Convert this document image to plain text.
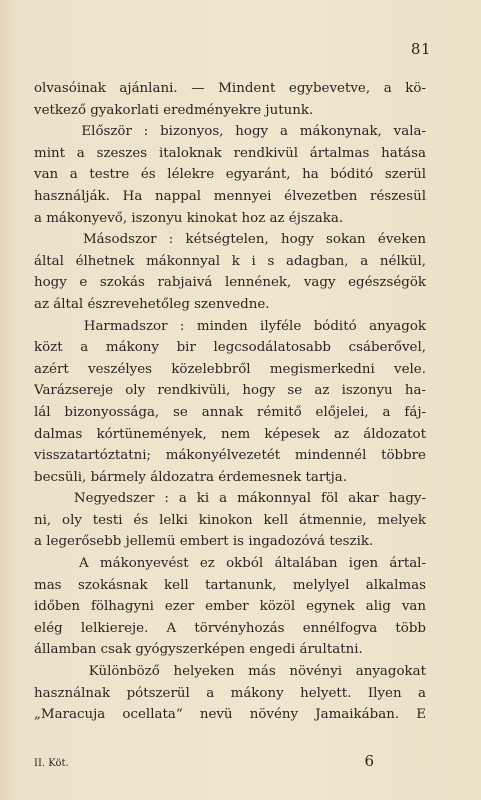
81
olvasóinak ajánlani. — Mindent egybevetve, a kö-
vetkező gyakorlati eredményekre jutunk.
Először : bizonyos, hogy a mákonynak, vala-
mint a szeszes italoknak rendkivül ártalmas hatása
van a testre és lélekre egyaránt, ha bóditó szerül
használják. Ha nappal mennyei élvezetben részesül
a mákonyevő, iszonyu kinokat hoz az éjszaka.
Másodszor : kétségtelen, hogy sokan éveken
által élhetnek mákonnyal k i s adagban, a nélkül,
hogy e szokás rabjaivá lennének, vagy egészségök
az által észrevehetőleg szenvedne.
Harmadszor : minden ilyféle bóditó anyagok
közt a mákony bir legcsodálatosabb csáberővel,
azért veszélyes közelebbről megismerkedni vele.
Varázsereje oly rendkivüli, hogy se az iszonyu ha-
lál bizonyossága, se annak rémitő előjelei, a fáj-
dalmas kórtünemények, nem képesek az áldozatot
visszatartóztatni; mákonyélvezetét mindennél többre
becsüli, bármely áldozatra érdemesnek tartja.
Negyedszer : a ki a mákonnyal föl akar hagy-
ni, oly testi és lelki kinokon kell átmennie, melyek
a legerősebb jellemü embert is ingadozóvá teszik.
A mákonyevést ez okból általában igen ártal-
mas szokásnak kell tartanunk, melylyel alkalmas
időben fölhagyni ezer ember közöl egynek alig van
elég lelkiereje. A törvényhozás ennélfogva több
államban csak gyógyszerképen engedi árultatni.
Különböző helyeken más növényi anyagokat
használnak pótszerül a mákony helyett. Ilyen a
„Maracuja ocellata“ nevü növény Jamaikában. E
II. Köt.	6
